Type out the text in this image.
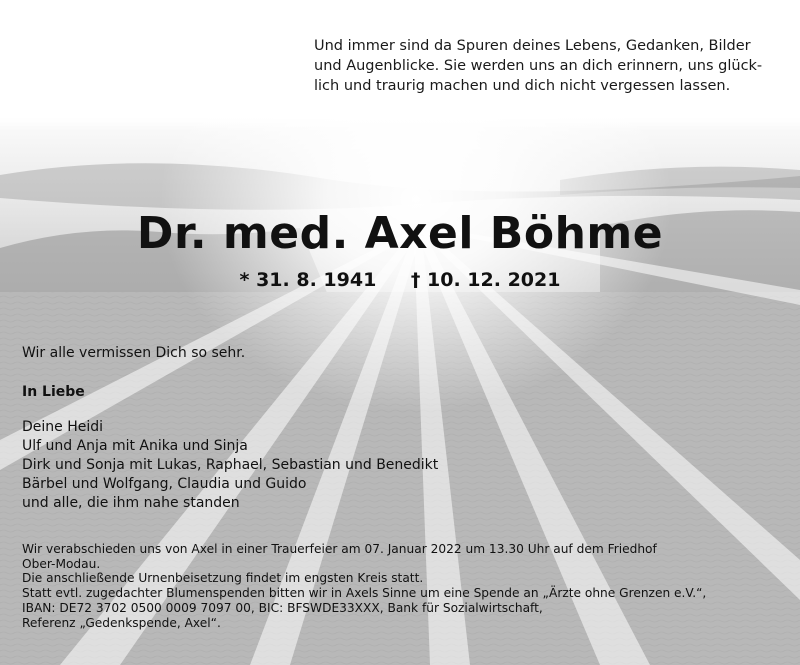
Und immer sind da Spuren deines Lebens, Gedanken, Bilder
und Augenblicke. Sie werden uns an dich erinnern, uns glück-
lich und traurig machen und dich nicht vergessen lassen.
Dr. med. Axel Böhme
* 31. 8. 1941 † 10. 12. 2021
Wir alle vermissen Dich so sehr.
In Liebe
Deine Heidi
Ulf und Anja mit Anika und Sinja
Dirk und Sonja mit Lukas, Raphael, Sebastian und Benedikt
Bärbel und Wolfgang, Claudia und Guido
und alle, die ihm nahe standen
Wir verabschieden uns von Axel in einer Trauerfeier am 07. Januar 2022 um 13.30 Uhr auf dem Friedhof
Ober-Modau.
Die anschließende Urnenbeisetzung findet im engsten Kreis statt.
Statt evtl. zugedachter Blumenspenden bitten wir in Axels Sinne um eine Spende an „Ärzte ohne Grenzen e.V.“,
IBAN: DE72 3702 0500 0009 7097 00, BIC: BFSWDE33XXX, Bank für Sozialwirtschaft,
Referenz „Gedenkspende, Axel“.
